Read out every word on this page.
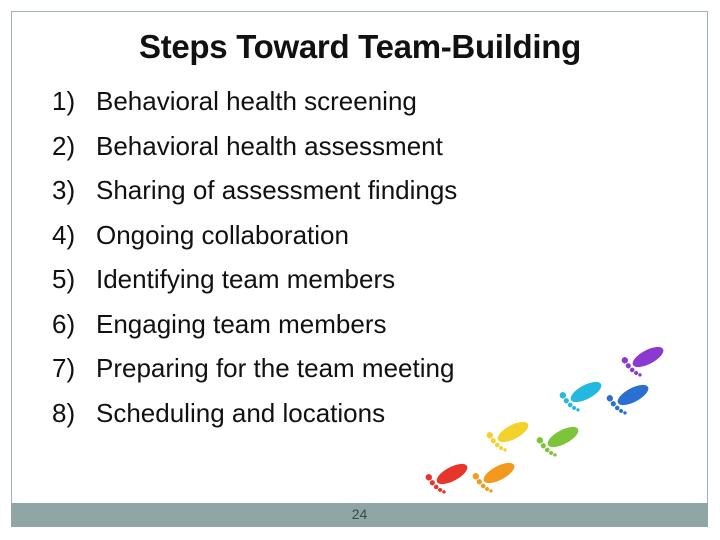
Steps Toward Team-Building
1) Behavioral health screening
2) Behavioral health assessment
3) Sharing of assessment findings
4) Ongoing collaboration
5) Identifying team members
6) Engaging team members
7) Preparing for the team meeting
8) Scheduling and locations
24
